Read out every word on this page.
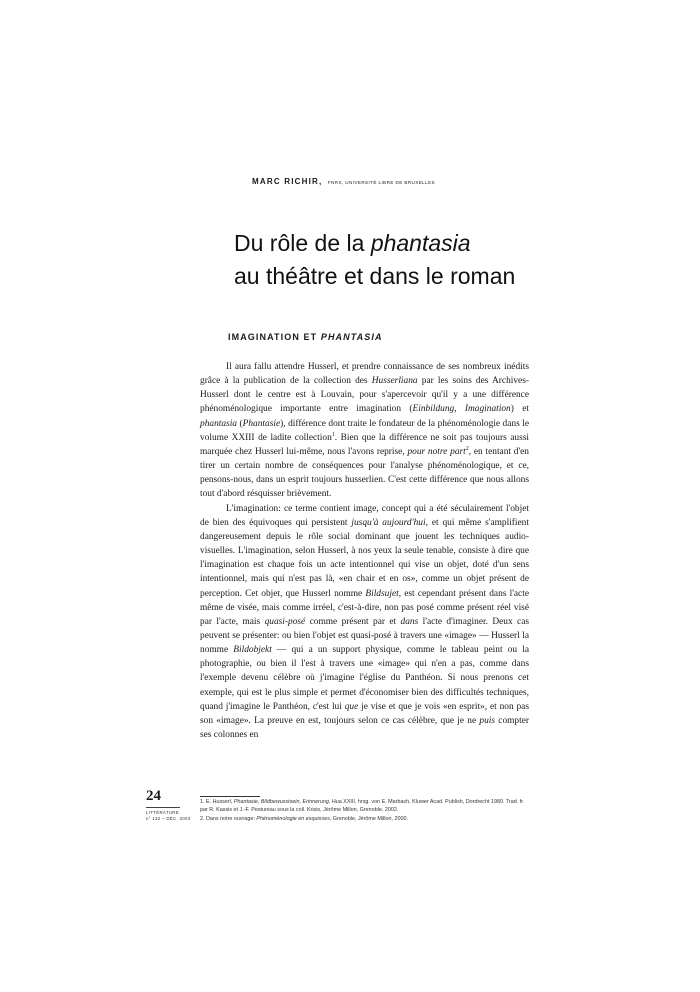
MARC RICHIR, FNRS, UNIVERSITÉ LIBRE DE BRUXELLES
Du rôle de la phantasia
au théâtre et dans le roman
IMAGINATION ET PHANTASIA

Il aura fallu attendre Husserl, et prendre connaissance de ses nombreux inédits grâce à la publication de la collection des Husserliana par les soins des Archives-Husserl dont le centre est à Louvain, pour s'apercevoir qu'il y a une différence phénoménologique importante entre imagination (Einbildung, Imagination) et phantasia (Phantasie), différence dont traite le fondateur de la phénoménologie dans le volume XXIII de ladite collection$^1$. Bien que la différence ne soit pas toujours aussi marquée chez Husserl lui-même, nous l'avons reprise, pour notre part$^2$, en tentant d'en tirer un certain nombre de conséquences pour l'analyse phénoménologique, et ce, pensons-nous, dans un esprit toujours husserlien. C'est cette différence que nous allons tout d'abord résquisser brièvement.

L'imagination: ce terme contient image, concept qui a été séculairement l'objet de bien des équivoques qui persistent jusqu'à aujourd'hui, et qui même s'amplifient dangereusement depuis le rôle social dominant que jouent les techniques audio-visuelles. L'imagination, selon Husserl, à nos yeux la seule tenable, consiste à dire que l'imagination est chaque fois un acte intentionnel qui vise un objet, doté d'un sens intentionnel, mais qui n'est pas là, «en chair et en os», comme un objet présent de perception. Cet objet, que Husserl nomme Bildsujet, est cependant présent dans l'acte même de visée, mais comme irréel, c'est-à-dire, non pas posé comme présent réel visé par l'acte, mais quasi-posé comme présent par et dans l'acte d'imaginer. Deux cas peuvent se présenter: ou bien l'objet est quasi-posé à travers une «image» — Husserl la nomme Bildobjekt — qui a un support physique, comme le tableau peint ou la photographie, ou bien il l'est à travers une «image» qui n'en a pas, comme dans l'exemple devenu célèbre où j'imagine l'église du Panthéon. Si nous prenons cet exemple, qui est le plus simple et permet d'économiser bien des difficultés techniques, quand j'imagine le Panthéon, c'est lui que je vise et que je vois «en esprit», et non pas son «image». La preuve en est, toujours selon ce cas célèbre, que je ne puis compter ses colonnes en

1. E. Husserl, Phantasie, Bildbewusstsein, Erinnerung, Hua XXIII, hrsg. von E. Marbach, Kluwer Acad. Publish, Dordrecht 1980. Trad. fr. par R. Kassis et J.-F. Pestureau sous la coll. Krisis, Jérôme Millon, Grenoble, 2002.

2. Dans notre ouvrage: Phénoménologie en esquisses, Grenoble, Jérôme Millon, 2000.

24
LITTÉRATURE
n° 132 – DÉC. 2003
